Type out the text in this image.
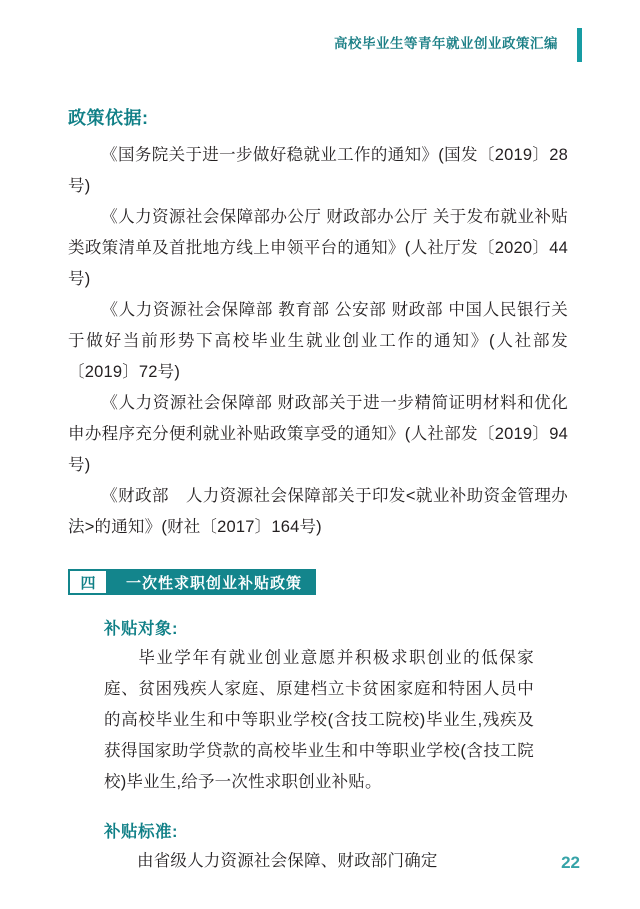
高校毕业生等青年就业创业政策汇编
政策依据:

《国务院关于进一步做好稳就业工作的通知》(国发〔2019〕28号)

《人力资源社会保障部办公厅 财政部办公厅 关于发布就业补贴类政策清单及首批地方线上申领平台的通知》(人社厅发〔2020〕44号)

《人力资源社会保障部 教育部 公安部 财政部 中国人民银行关于做好当前形势下高校毕业生就业创业工作的通知》(人社部发〔2019〕72号)

《人力资源社会保障部 财政部关于进一步精简证明材料和优化申办程序充分便利就业补贴政策享受的通知》(人社部发〔2019〕94号)

《财政部　人力资源社会保障部关于印发<就业补助资金管理办法>的通知》(财社〔2017〕164号)

四	一次性求职创业补贴政策
补贴对象:

毕业学年有就业创业意愿并积极求职创业的低保家庭、贫困残疾人家庭、原建档立卡贫困家庭和特困人员中的高校毕业生和中等职业学校(含技工院校)毕业生,残疾及获得国家助学贷款的高校毕业生和中等职业学校(含技工院校)毕业生,给予一次性求职创业补贴。

补贴标准:

由省级人力资源社会保障、财政部门确定	22
